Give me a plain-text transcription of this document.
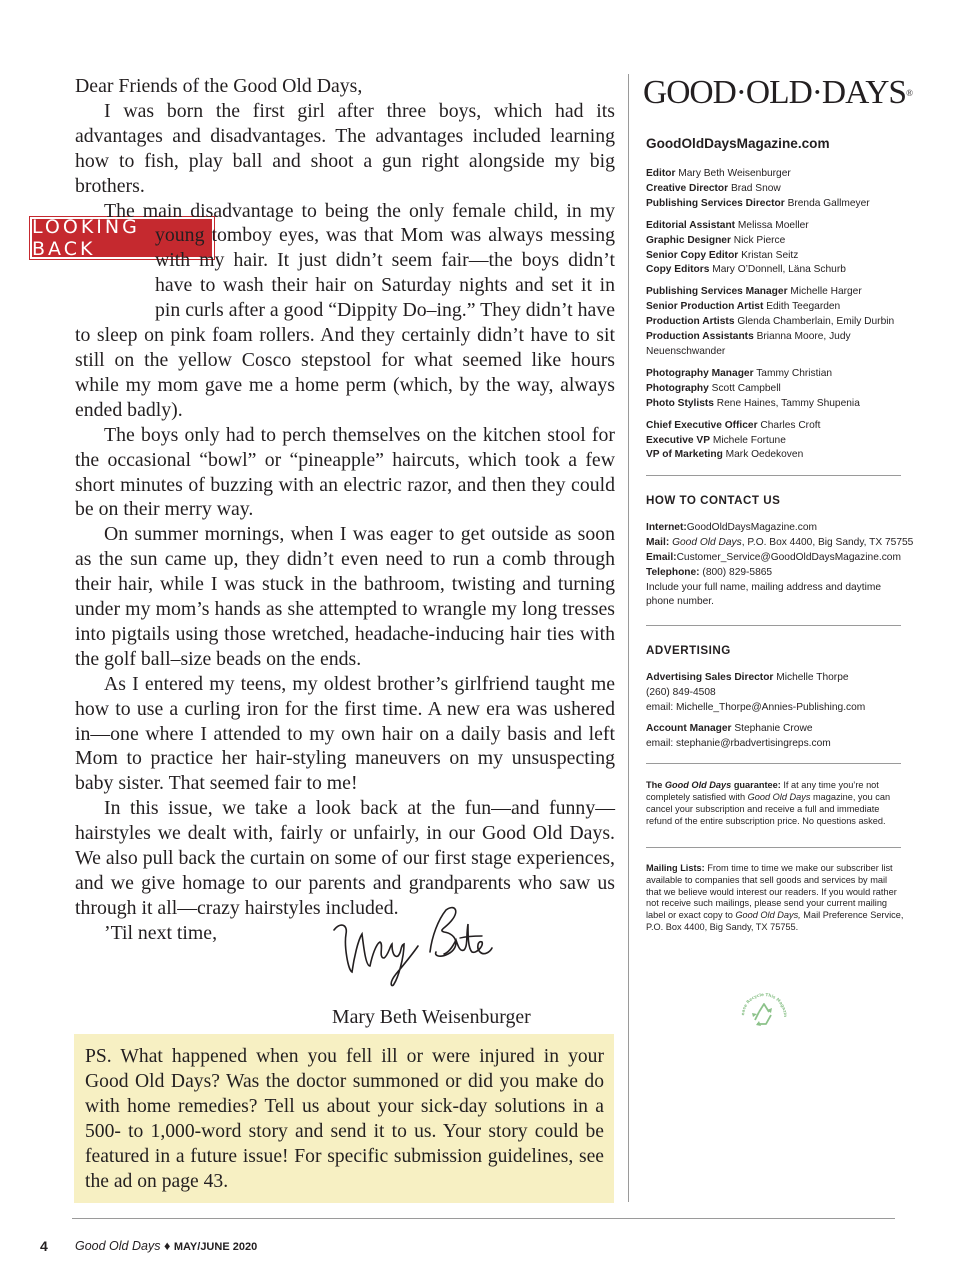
LOOKING BACK

Dear Friends of the Good Old Days,

I was born the first girl after three boys, which had its advantages and disadvantages. The advantages included learning how to fish, play ball and shoot a gun right alongside my big brothers.

The main disadvantage to being the only female child, in
my young tomboy eyes, was that Mom was always messing with my hair. It just didn’t seem fair—the boys didn’t have to wash their hair on Saturday nights and set it in pin curls after a good “Dippity Do–ing.” They didn’t have to sleep on pink foam rollers. And they certainly didn’t have to sit still on the yellow Cosco stepstool for what seemed like hours while my mom gave me a home perm (which, by the way, always ended badly).

The boys only had to perch themselves on the kitchen stool for the occasional “bowl” or “pineapple” haircuts, which took a few short minutes of buzzing with an electric razor, and then they could be on their merry way.

On summer mornings, when I was eager to get outside as soon as the sun came up, they didn’t even need to run a comb through their hair, while I was stuck in the bathroom, twisting and turning under my mom’s hands as she attempted to wrangle my long tresses into pigtails using those wretched, headache-inducing hair ties with the golf ball–size beads on the ends.

As I entered my teens, my oldest brother’s girlfriend taught me how to use a curling iron for the first time. A new era was ushered in—one where I attended to my own hair on a daily basis and left Mom to practice her hair-styling maneuvers on my unsuspecting baby sister. That seemed fair to me!

In this issue, we take a look back at the fun—and funny—hairstyles we dealt with, fairly or unfairly, in our Good Old Days. We also pull back the curtain on some of our first stage experiences, and we give homage to our parents and grandparents who saw us through it all—crazy hairstyles included.

’Til next time,

Mary Beth Weisenburger
PS. What happened when you fell ill or were injured in your Good Old Days? Was the doctor summoned or did you make do with home remedies? Tell us about your sick-day solutions in a 500- to 1,000-word story and send it to us. Your story could be featured in a future issue! For specific submission guidelines, see the ad on page 43.
GOOD·OLD·DAYS®
GoodOldDaysMagazine.com
Editor Mary Beth Weisenburger
Creative Director Brad Snow
Publishing Services Director Brenda Gallmeyer
Editorial Assistant Melissa Moeller
Graphic Designer Nick Pierce
Senior Copy Editor Kristan Seitz
Copy Editors Mary O’Donnell, Läna Schurb
Publishing Services Manager Michelle Harger
Senior Production Artist Edith Teegarden
Production Artists Glenda Chamberlain, Emily Durbin
Production Assistants Brianna Moore, Judy Neuenschwander
Photography Manager Tammy Christian
Photography Scott Campbell
Photo Stylists Rene Haines, Tammy Shupenia
Chief Executive Officer Charles Croft
Executive VP Michele Fortune
VP of Marketing Mark Oedekoven
HOW TO CONTACT US
Internet:GoodOldDaysMagazine.com
Mail: Good Old Days, P.O. Box 4400, Big Sandy, TX 75755
Email:Customer_Service@GoodOldDaysMagazine.com
Telephone: (800) 829-5865
Include your full name, mailing address and daytime phone number.
ADVERTISING
Advertising Sales Director Michelle Thorpe
(260) 849-4508
email: Michelle_Thorpe@Annies-Publishing.com
Account Manager Stephanie Crowe
email: stephanie@rbadvertisingreps.com
The Good Old Days guarantee: If at any time you’re not completely satisfied with Good Old Days magazine, you can cancel your subscription and receive a full and immediate refund of the entire subscription price. No questions asked.
Mailing Lists: From time to time we make our subscriber list available to companies that sell goods and services by mail that we believe would interest our readers. If you would rather not receive such mailings, please send your current mailing label or exact copy to Good Old Days, Mail Preference Service, P.O. Box 4400, Big Sandy, TX 75755.
ease Recycle This Magazin
4 Good Old Days ♦ MAY/JUNE 2020
